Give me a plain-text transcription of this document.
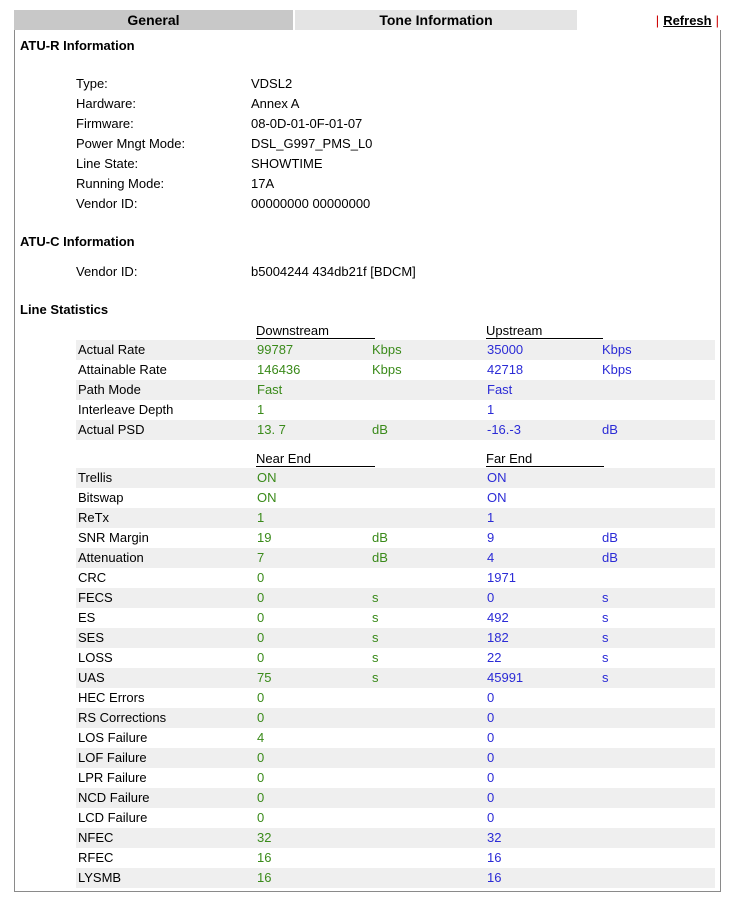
General	Tone Information	| Refresh |
ATU-R Information
Type:	VDSL2
Hardware:	Annex A
Firmware:	08-0D-01-0F-01-07
Power Mngt Mode:	DSL_G997_PMS_L0
Line State:	SHOWTIME
Running Mode:	17A
Vendor ID:	00000000 00000000
ATU-C Information
Vendor ID:	b5004244 434db21f [BDCM]
Line Statistics
Downstream	Upstream
Actual Rate	99787	Kbps	35000	Kbps
Attainable Rate	146436	Kbps	42718	Kbps
Path Mode	Fast	Fast
Interleave Depth	1	1
Actual PSD	13. 7	dB	-16.-3	dB
Near End	Far End
Trellis	ON	ON
Bitswap	ON	ON
ReTx	1	1
SNR Margin	19	dB	9	dB
Attenuation	7	dB	4	dB
CRC	0	1971
FECS	0	s	0	s
ES	0	s	492	s
SES	0	s	182	s
LOSS	0	s	22	s
UAS	75	s	45991	s
HEC Errors	0	0
RS Corrections	0	0
LOS Failure	4	0
LOF Failure	0	0
LPR Failure	0	0
NCD Failure	0	0
LCD Failure	0	0
NFEC	32	32
RFEC	16	16
LYSMB	16	16
